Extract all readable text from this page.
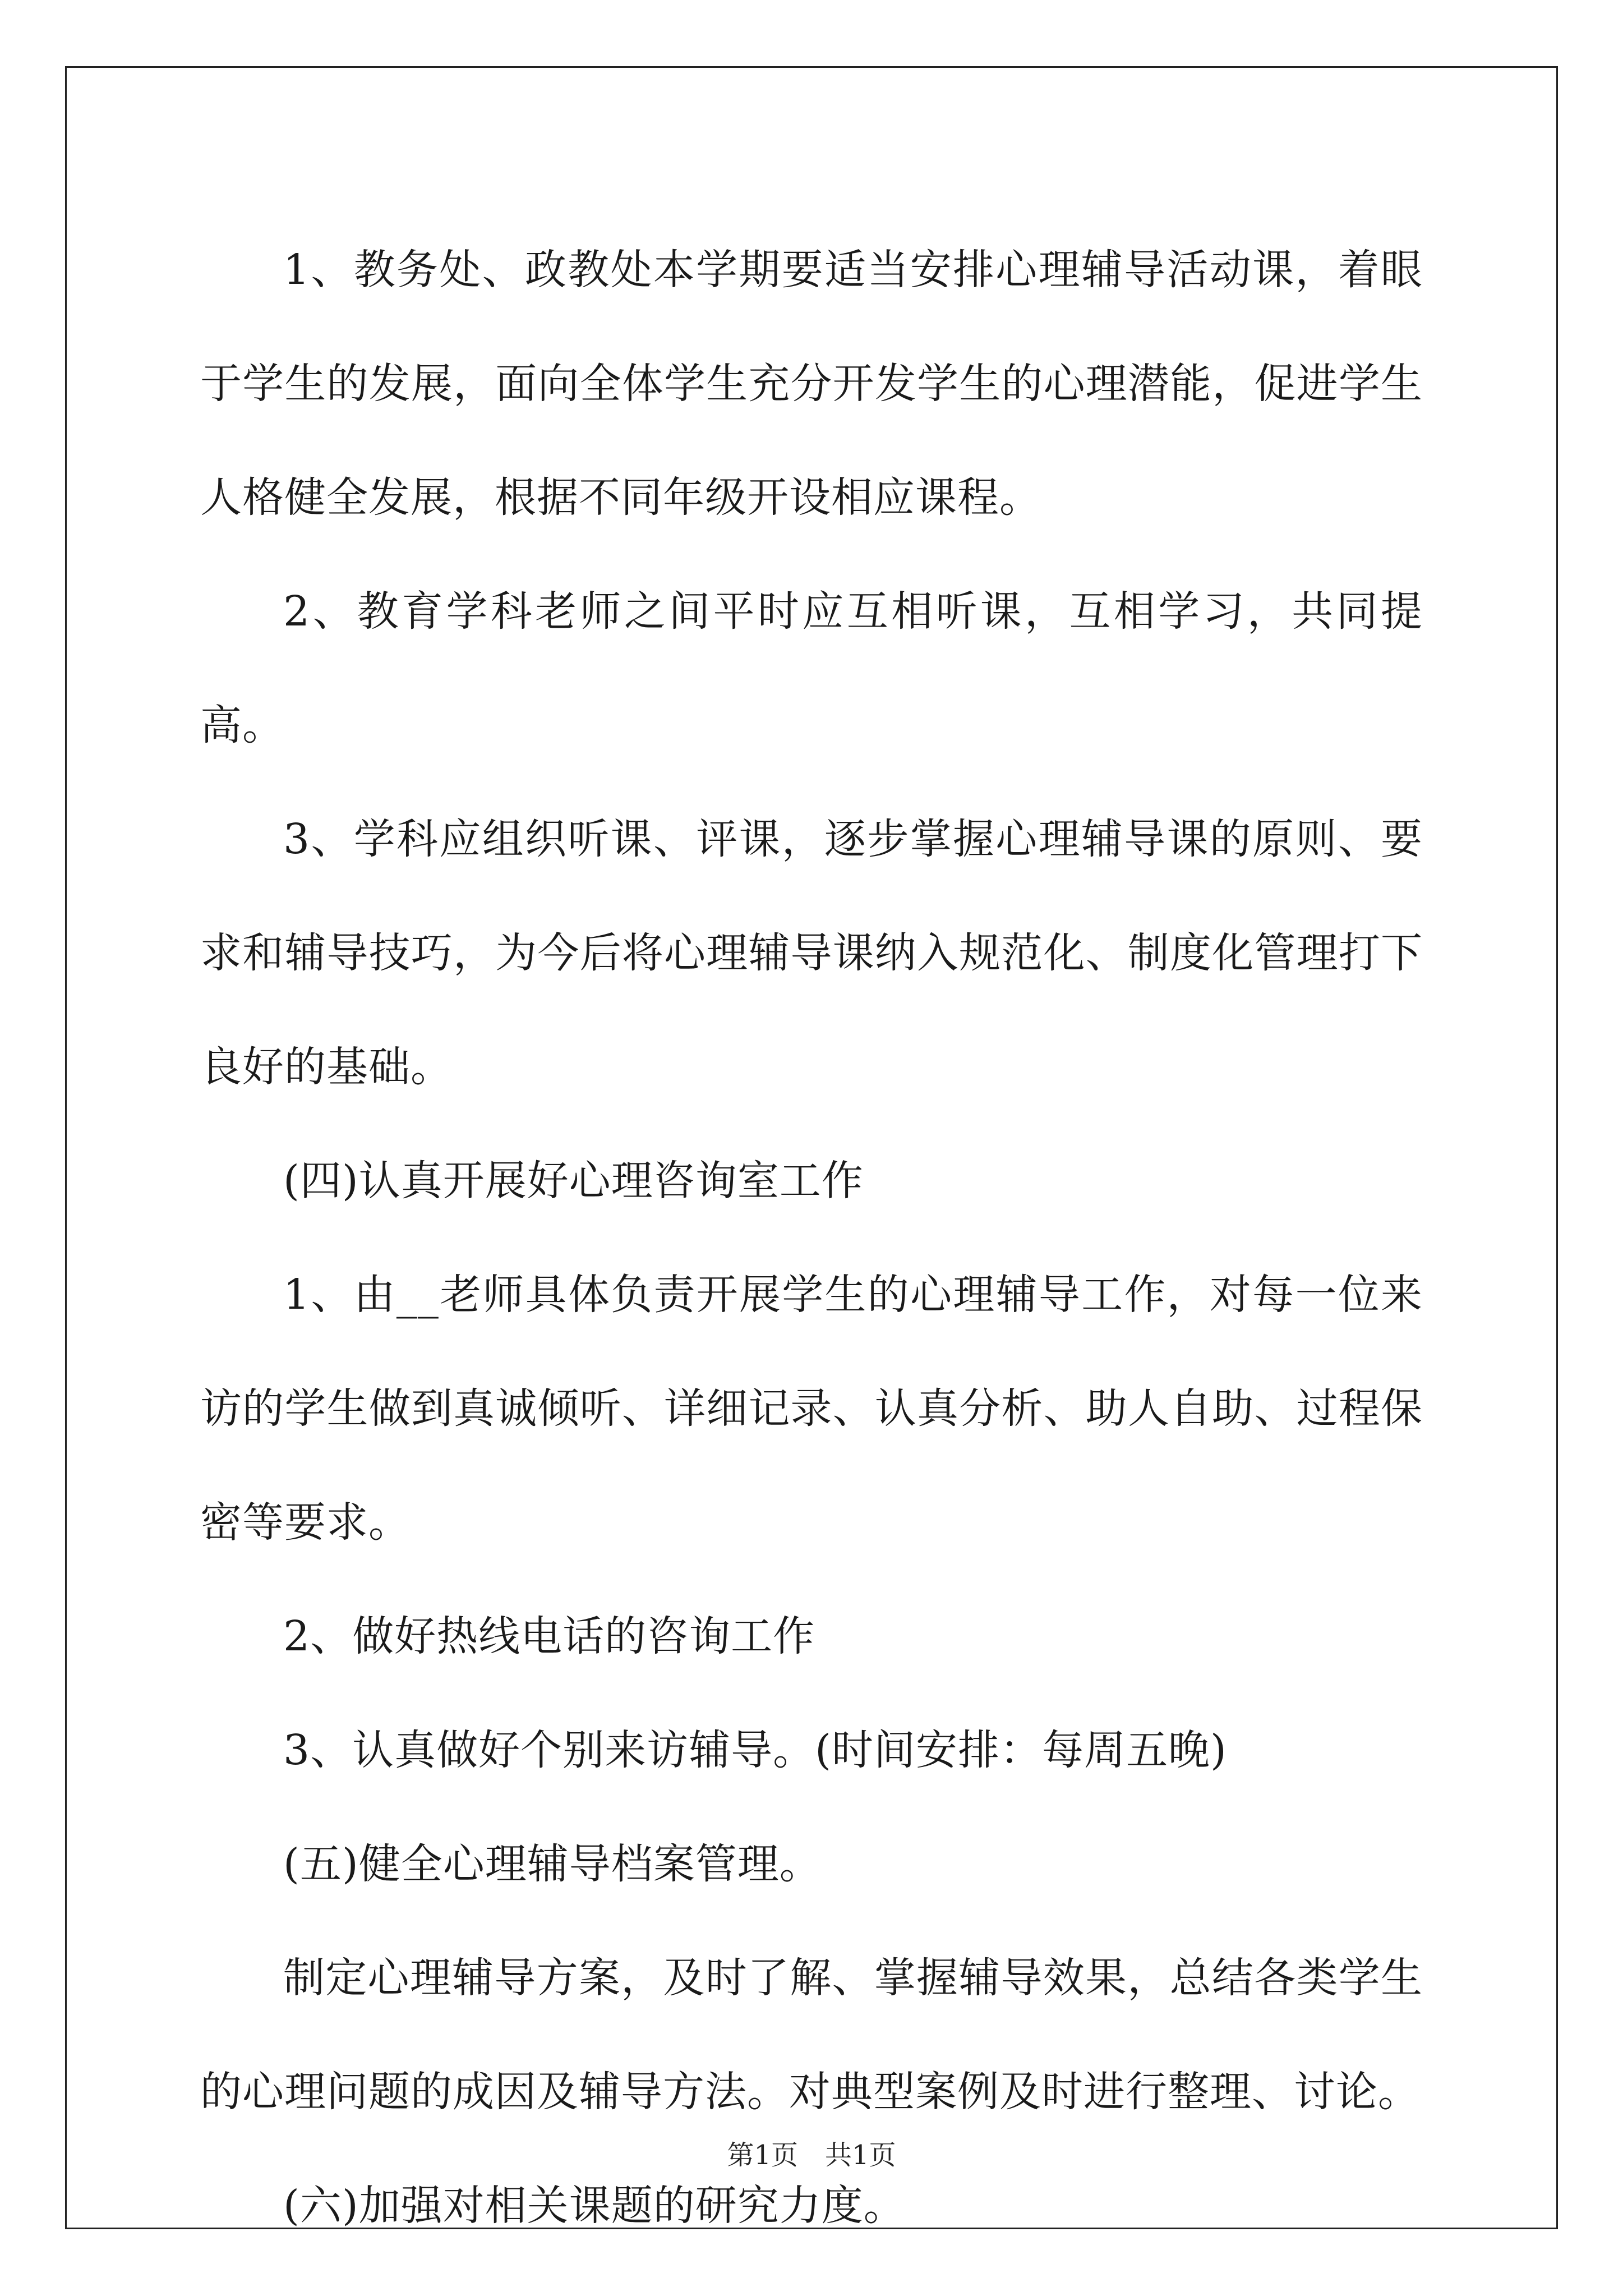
1、教务处、政教处本学期要适当安排心理辅导活动课，着眼于学生的发展，面向全体学生充分开发学生的心理潜能，促进学生人格健全发展，根据不同年级开设相应课程。

2、教育学科老师之间平时应互相听课，互相学习，共同提高。

3、学科应组织听课、评课，逐步掌握心理辅导课的原则、要求和辅导技巧，为今后将心理辅导课纳入规范化、制度化管理打下良好的基础。

(四)认真开展好心理咨询室工作

1、由__老师具体负责开展学生的心理辅导工作，对每一位来访的学生做到真诚倾听、详细记录、认真分析、助人自助、过程保密等要求。

2、做好热线电话的咨询工作

3、认真做好个别来访辅导。(时间安排：每周五晚)

(五)健全心理辅导档案管理。

制定心理辅导方案，及时了解、掌握辅导效果，总结各类学生的心理问题的成因及辅导方法。对典型案例及时进行整理、讨论。

(六)加强对相关课题的研究力度。

第1页　共1页
